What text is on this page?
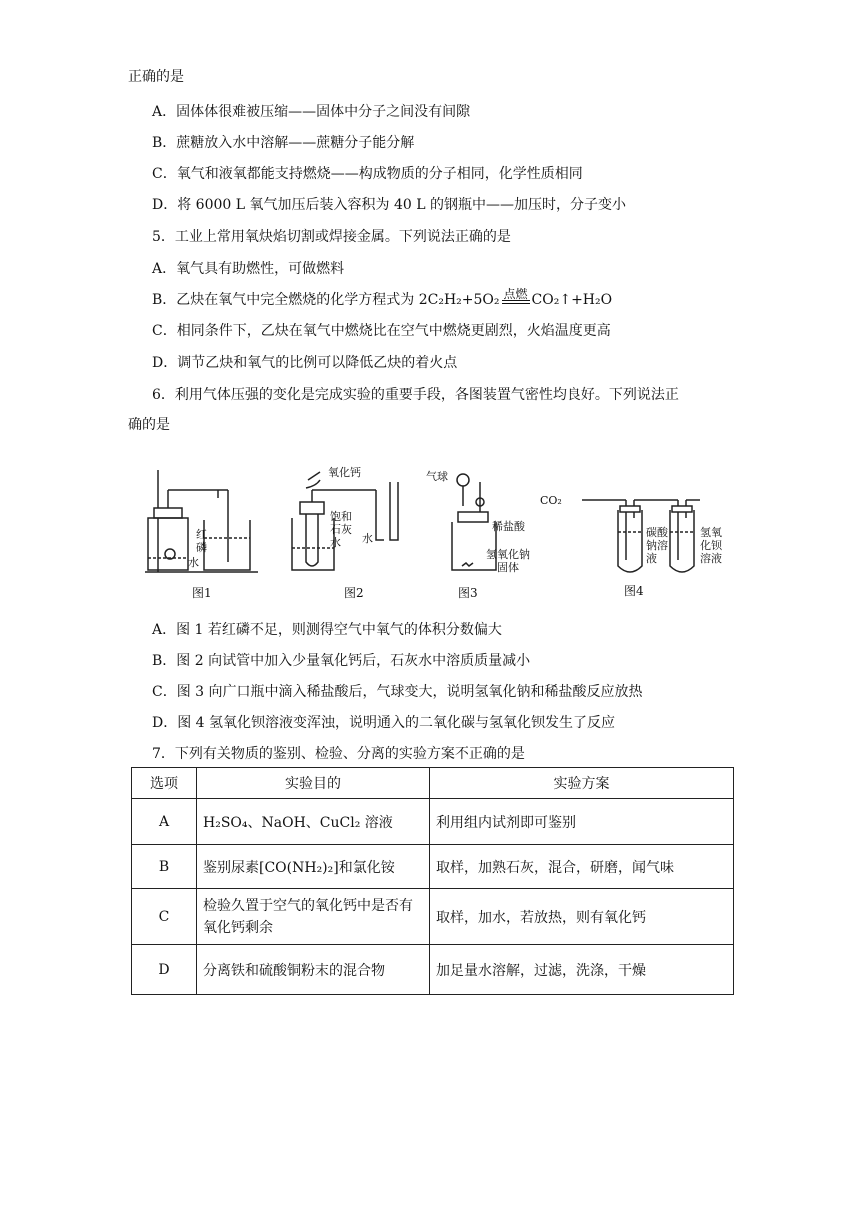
正确的是
A．固体体很难被压缩——固体中分子之间没有间隙
B．蔗糖放入水中溶解——蔗糖分子能分解
C．氧气和液氧都能支持燃烧——构成物质的分子相同，化学性质相同
D．将 6000 L 氧气加压后装入容积为 40 L 的钢瓶中——加压时，分子变小
5．工业上常用氧炔焰切割或焊接金属。下列说法正确的是
A．氧气具有助燃性，可做燃料
B．乙炔在氧气中完全燃烧的化学方程式为 2C₂H₂+5O₂ 点燃 CO₂↑+H₂O
C．相同条件下，乙炔在氧气中燃烧比在空气中燃烧更剧烈，火焰温度更高
D．调节乙炔和氧气的比例可以降低乙炔的着火点
6．利用气体压强的变化是完成实验的重要手段，各图装置气密性均良好。下列说法正
确的是
红
磷
水
图1
氧化钙
饱和
石灰
水	水
图2
气球
稀盐酸
氢氧化钠
固体
图3
CO₂
碳酸
钠溶
液
氢氧
化钡
溶液
图4
A．图 1 若红磷不足，则测得空气中氧气的体积分数偏大
B．图 2 向试管中加入少量氧化钙后，石灰水中溶质质量减小
C．图 3 向广口瓶中滴入稀盐酸后，气球变大，说明氢氧化钠和稀盐酸反应放热
D．图 4 氢氧化钡溶液变浑浊，说明通入的二氧化碳与氢氧化钡发生了反应
7．下列有关物质的鉴别、检验、分离的实验方案不正确的是
选项	实验目的	实验方案
A	H₂SO₄、NaOH、CuCl₂ 溶液	利用组内试剂即可鉴别
B	鉴别尿素[CO(NH₂)₂]和氯化铵	取样，加熟石灰，混合，研磨，闻气味
C	检验久置于空气的氧化钙中是否有氧化钙剩余	取样，加水，若放热，则有氧化钙
D	分离铁和硫酸铜粉末的混合物	加足量水溶解，过滤，洗涤，干燥
